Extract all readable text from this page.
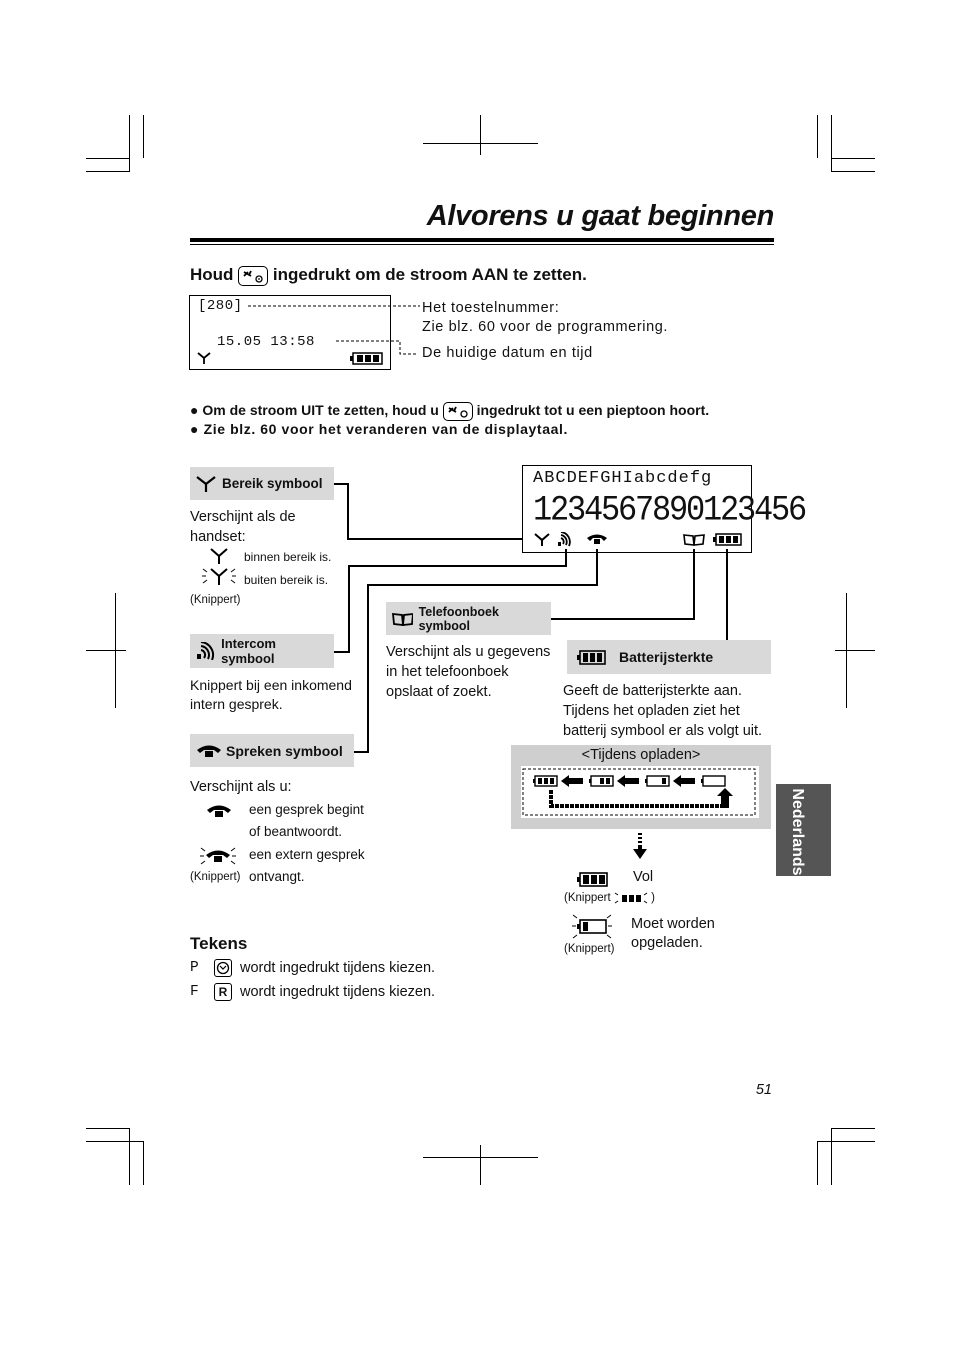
Alvorens u gaat beginnen
Houd ingedrukt om de stroom AAN te zetten.
[280]
15.05 13:58
Het toestelnummer:
Zie blz. 60 voor de programmering.
De huidige datum en tijd
● Om de stroom UIT te zetten, houd u	ingedrukt tot u een pieptoon hoort.
● Zie blz. 60 voor het veranderen van de displaytaal.
ABCDEFGHIabcdefg
1234567890123456
Bereik symbool
Verschijnt als de
handset:
binnen bereik is.
buiten bereik is.
(Knippert)
Intercom symbool
Knippert bij een inkomend
intern gesprek.
Spreken symbool
Verschijnt als u:
een gesprek begint
of beantwoordt.
een extern gesprek
(Knippert) ontvangt.
Telefoonboek symbool
Verschijnt als u gegevens
in het telefoonboek
opslaat of zoekt.
Batterijsterkte
Geeft de batterijsterkte aan.
Tijdens het opladen ziet het
batterij symbool er als volgt uit.
<Tijdens opladen>
Vol
(Knippert	)
Moet worden
opgeladen.
(Knippert)
Nederlands
Tekens
P	wordt ingedrukt tijdens kiezen.
F	R wordt ingedrukt tijdens kiezen.
51
